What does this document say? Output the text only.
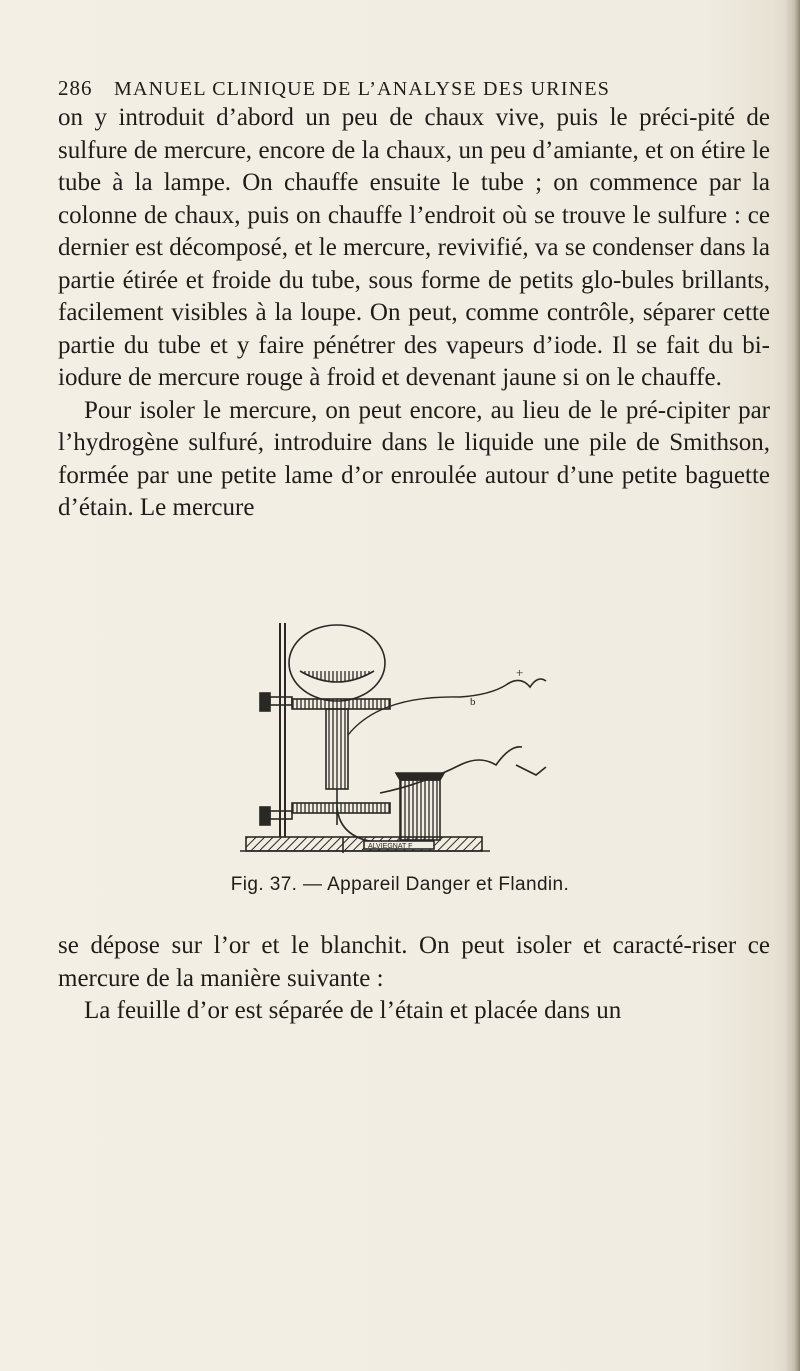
286 MANUEL CLINIQUE DE L’ANALYSE DES URINES

on y introduit d’abord un peu de chaux vive, puis le préci-pité de sulfure de mercure, encore de la chaux, un peu d’amiante, et on étire le tube à la lampe. On chauffe ensuite le tube ; on commence par la colonne de chaux, puis on chauffe l’endroit où se trouve le sulfure : ce dernier est décomposé, et le mercure, revivifié, va se condenser dans la partie étirée et froide du tube, sous forme de petits glo-bules brillants, facilement visibles à la loupe. On peut, comme contrôle, séparer cette partie du tube et y faire pénétrer des vapeurs d’iode. Il se fait du bi-iodure de mercure rouge à froid et devenant jaune si on le chauffe.

Pour isoler le mercure, on peut encore, au lieu de le pré-cipiter par l’hydrogène sulfuré, introduire dans le liquide une pile de Smithson, formée par une petite lame d’or enroulée autour d’une petite baguette d’étain. Le mercure

+
b
ALVIEGNAT F
Fig. 37. — Appareil Danger et Flandin.

se dépose sur l’or et le blanchit. On peut isoler et caracté-riser ce mercure de la manière suivante :

La feuille d’or est séparée de l’étain et placée dans un
